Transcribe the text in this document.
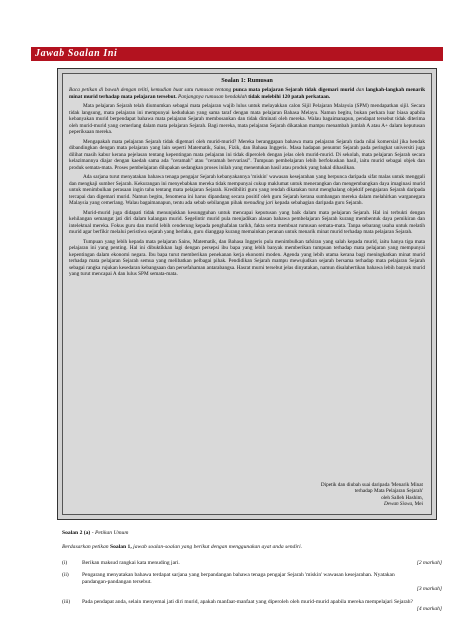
Jawab Soalan Ini
Soalan 1: Rumusan
Baca petikan di bawah dengan teliti, kemudian buat satu rumusan tentang punca mata pelajaran Sejarah tidak digemari murid dan langkah-langkah menarik minat murid terhadap mata pelajaran tersebut. Panjangnya rumusan hendaklah tidak melebihi 120 patah perkataan.

Mata pelajaran Sejarah telah diumumkan sebagai mata pelajaran wajib lulus untuk melayakkan calon Sijil Pelajaran Malaysia (SPM) mendapatkan sijil. Secara tidak langsung, mata pelajaran ini mempunyai kedudukan yang sama taraf dengan mata pelajaran Bahasa Melayu. Namun begitu, bukan perkara luar biasa apabila kebanyakan murid berpendapat bahawa mata pelajaran Sejarah membosankan dan tidak diminati oleh mereka. Walau bagaimanapun, pendapat tersebut tidak diterima oleh murid-murid yang cemerlang dalam mata pelajaran Sejarah. Bagi mereka, mata pelajaran Sejarah dikatakan mampu menambah jumlah A atau A+ dalam keputusan peperiksaan mereka.

Mengapakah mata pelajaran Sejarah tidak digemari oleh murid-murid? Mereka beranggapan bahawa mata pelajaran Sejarah tiada nilai komersial jika hendak dibandingkan dengan mata pelajaran yang lain seperti Matematik, Sains, Fizik, dan Bahasa Inggeris. Masa hadapan penuntut Sejarah pada peringkat universiti juga dilihat masih kabur kerana pejelasan tentang kepentingan mata pelajaran ini tidak diperoleh dengan jelas oleh murid-murid. Di sekolah, mata pelajaran Sejarah secara kelazimannya diajar dengan kaedah sama ada "ceramah" atau "ceramah bervariasi". Tumpuan pembelajaran lebih berfokuskan hasil, iaitu murid sebagai objek dan produk semata-mata. Proses pembelajaran dilupakan sedangkan proses inilah yang menentukan hasil atau produk yang bakal dihasilkan.

Ada sarjana turut menyatakan bahawa tenaga pengajar Sejarah kebanyakannya 'miskin' wawasan kesejarahan yang berpunca daripada sifat malas untuk menggali dan mengkaji sumber Sejarah. Kekurangan ini menyebabkan mereka tidak mempunyai cukup maklumat untuk menerangkan dan mengembangkan daya imaginasi murid untuk menimbulkan perasaan ingin tahu tentang mata pelajaran Sejarah. Kredibiliti guru yang rendah dikatakan turut menghalang objektif pengajaran Sejarah daripada tercapai dan digemari murid. Namun begitu, fenomena ini harus dipandang secara positif oleh guru Sejarah kerana sumbangan mereka dalam melahirkan warganegara Malaysia yang cemerlang. Walau bagaimanapun, tentu ada sebab sebilangan pihak menuding jari kepada sebahagian daripada guru Sejarah.

Murid-murid juga didapati tidak menunjukkan kesungguhan untuk mencapai keputusan yang baik dalam mata pelajaran Sejarah. Hal ini terbukti dengan kehilangan semangat jati diri dalam kalangan murid. Segelintir murid pula menjadikan alasan bahawa pembelajaran Sejarah kurang membentuk daya pemikiran dan intelektual mereka. Fokus guru dan murid lebih cenderung kepada penghafalan tarikh, fakta serta membuat rumusan semata-mata. Tanpa sebarang usaha untuk melatih murid agar berfikir melalui peristiwa sejarah yang berlaku, guru dianggap kurang memainkan peranan untuk menarik minat murid terhadap mata pelajaran Sejarah.

Tumpuan yang lebih kepada mata pelajaran Sains, Matematik, dan Bahasa Inggeris pula menimbulkan tafsiran yang salah kepada murid, iaitu hanya tiga mata pelajaran ini yang penting. Hal ini dibuktikkan lagi dengan persepsi ibu bapa yang lebih banyak memberikan tumpuan terhadap mata pelajaran yang mempunyai kepentingan dalam ekonomi negara. Ibu bapa turut memberikan penekanan kerja ekonomi moden. Agenda yang lebih utama kerana bagi meningkatkan minat murid terhadap mata pelajaran Sejarah semua yang melibatkan pelbagai pihak. Pendidikan Sejarah mampu mewujudkan sejarah bersama terhadap mata pelajaran Sejarah sebagai rangka rujukan kesedaran kebangsaan dan persefahaman antarabangsa. Hasrat murni tersebut jelas dinyatakan, namun disalahertikan bahawa lebih banyak murid yang turut mencapai A dan lulus SPM semata-mata.

Dipetik dan diubah suai daripada 'Menarik Minat
terhadap Mata Pelajaran Sejarah'
oleh Salleh Hashim,
Dewan Siswa, Mei
Soalan 2 (a) - Petikan Umum
Berdasarkan petikan Soalan 1, jawab soalan-soalan yang berikut dengan menggunakan ayat anda sendiri.
(i)	Berikan maksud rangkai kata menuding jari.	[2 markah]
(ii) Pengarang menyatakan bahawa terdapat sarjana yang berpandangan bahawa tenaga pengajar Sejarah 'miskin' wawasan kesejarahan. Nyatakan pandangan-pandangan tersebut.
[3 markah]
(iii) Pada pendapat anda, selain menyemai jati diri murid, apakah manfaat-manfaat yang diperoleh oleh murid-murid apabila mereka mempelajari Sejarah?
[4 markah]
